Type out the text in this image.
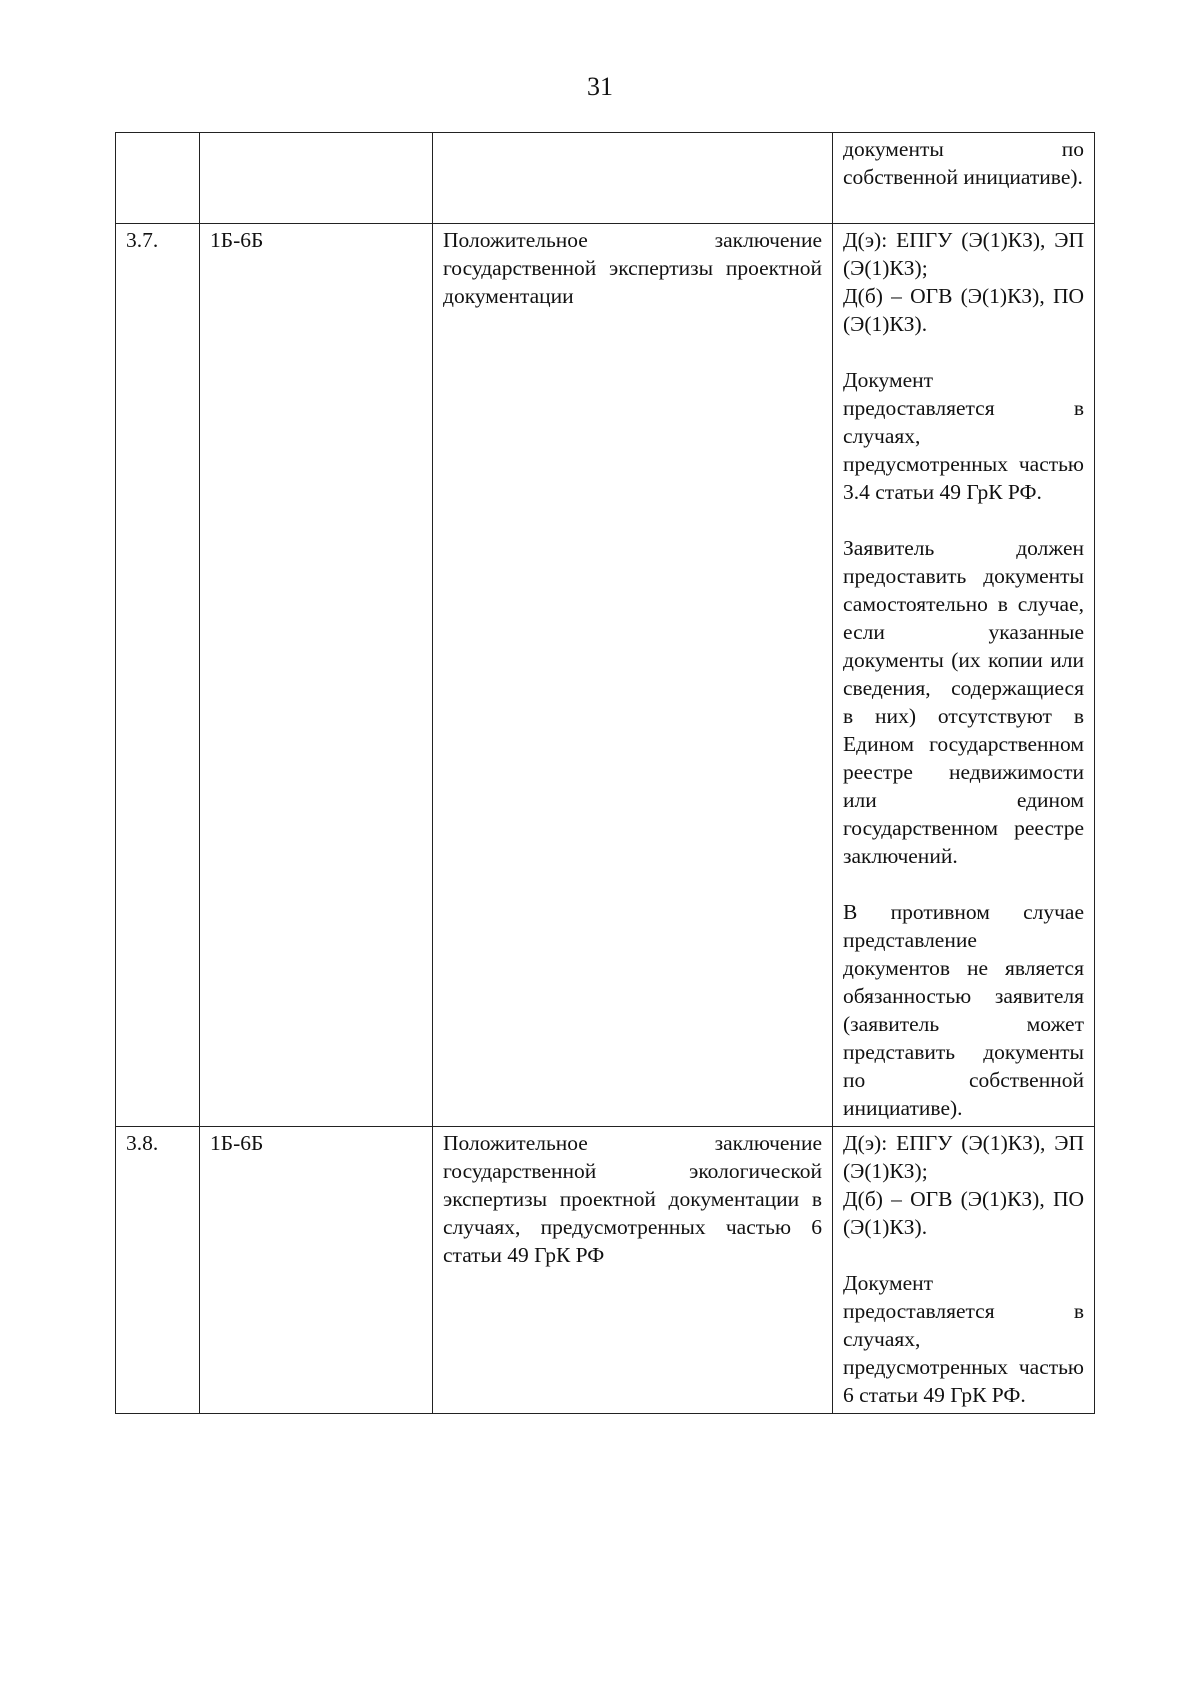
31

			документы по собственной инициативе).

3.7.	1Б-6Б	Положительное заключение государственной экспертизы проектной документации	Д(э): ЕПГУ (Э(1)КЗ), ЭП (Э(1)КЗ);
Д(б) – ОГВ (Э(1)КЗ), ПО (Э(1)КЗ).
Документ предоставляется в случаях, предусмотренных частью 3.4 статьи 49 ГрК РФ.
Заявитель должен предоставить документы самостоятельно в случае, если указанные документы (их копии или сведения, содержащиеся в них) отсутствуют в Едином государственном реестре недвижимости или едином государственном реестре заключений.
В противном случае представление документов не является обязанностью заявителя (заявитель может представить документы по собственной инициативе).

3.8.	1Б-6Б	Положительное заключение государственной экологической экспертизы проектной документации в случаях, предусмотренных частью 6 статьи 49 ГрК РФ	Д(э): ЕПГУ (Э(1)КЗ), ЭП (Э(1)КЗ);
Д(б) – ОГВ (Э(1)КЗ), ПО (Э(1)КЗ).
Документ предоставляется в случаях, предусмотренных частью 6 статьи 49 ГрК РФ.
